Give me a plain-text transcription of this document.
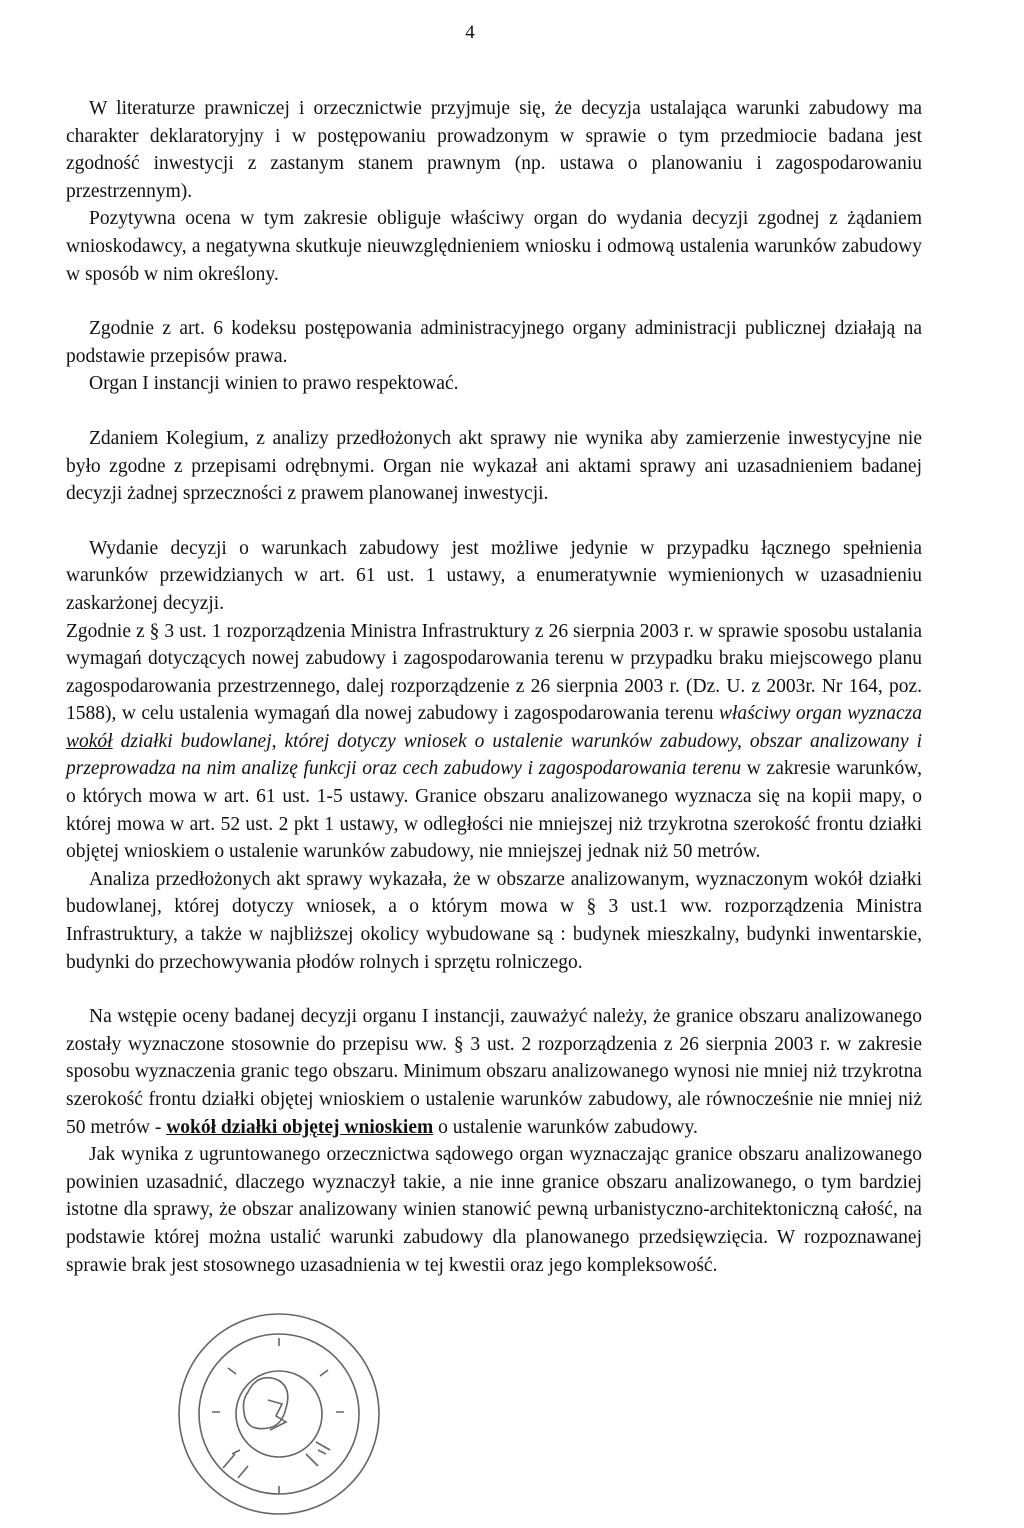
4

W literaturze prawniczej i orzecznictwie przyjmuje się, że decyzja ustalająca warunki zabudowy ma charakter deklaratoryjny i w postępowaniu prowadzonym w sprawie o tym przedmiocie badana jest zgodność inwestycji z zastanym stanem prawnym (np. ustawa o planowaniu i zagospodarowaniu przestrzennym).

Pozytywna ocena w tym zakresie obliguje właściwy organ do wydania decyzji zgodnej z żądaniem wnioskodawcy, a negatywna skutkuje nieuwzględnieniem wniosku i odmową ustalenia warunków zabudowy w sposób w nim określony.

Zgodnie z art. 6 kodeksu postępowania administracyjnego organy administracji publicznej działają na podstawie przepisów prawa.

Organ I instancji winien to prawo respektować.

Zdaniem Kolegium, z analizy przedłożonych akt sprawy nie wynika aby zamierzenie inwestycyjne nie było zgodne z przepisami odrębnymi. Organ nie wykazał ani aktami sprawy ani uzasadnieniem badanej decyzji żadnej sprzeczności z prawem planowanej inwestycji.

Wydanie decyzji o warunkach zabudowy jest możliwe jedynie w przypadku łącznego spełnienia warunków przewidzianych w art. 61 ust. 1 ustawy, a enumeratywnie wymienionych w uzasadnieniu zaskarżonej decyzji.

Zgodnie z § 3 ust. 1 rozporządzenia Ministra Infrastruktury z 26 sierpnia 2003 r. w sprawie sposobu ustalania wymagań dotyczących nowej zabudowy i zagospodarowania terenu w przypadku braku miejscowego planu zagospodarowania przestrzennego, dalej rozporządzenie z 26 sierpnia 2003 r. (Dz. U. z 2003r. Nr 164, poz. 1588), w celu ustalenia wymagań dla nowej zabudowy i zagospodarowania terenu właściwy organ wyznacza wokół działki budowlanej, której dotyczy wniosek o ustalenie warunków zabudowy, obszar analizowany i przeprowadza na nim analizę funkcji oraz cech zabudowy i zagospodarowania terenu w zakresie warunków, o których mowa w art. 61 ust. 1-5 ustawy. Granice obszaru analizowanego wyznacza się na kopii mapy, o której mowa w art. 52 ust. 2 pkt 1 ustawy, w odległości nie mniejszej niż trzykrotna szerokość frontu działki objętej wnioskiem o ustalenie warunków zabudowy, nie mniejszej jednak niż 50 metrów.

Analiza przedłożonych akt sprawy wykazała, że w obszarze analizowanym, wyznaczonym wokół działki budowlanej, której dotyczy wniosek, a o którym mowa w § 3 ust.1 ww. rozporządzenia Ministra Infrastruktury, a także w najbliższej okolicy wybudowane są : budynek mieszkalny, budynki inwentarskie, budynki do przechowywania płodów rolnych i sprzętu rolniczego.

Na wstępie oceny badanej decyzji organu I instancji, zauważyć należy, że granice obszaru analizowanego zostały wyznaczone stosownie do przepisu ww. § 3 ust. 2 rozporządzenia z 26 sierpnia 2003 r. w zakresie sposobu wyznaczenia granic tego obszaru. Minimum obszaru analizowanego wynosi nie mniej niż trzykrotna szerokość frontu działki objętej wnioskiem o ustalenie warunków zabudowy, ale równocześnie nie mniej niż 50 metrów - wokół działki objętej wnioskiem o ustalenie warunków zabudowy.

Jak wynika z ugruntowanego orzecznictwa sądowego organ wyznaczając granice obszaru analizowanego powinien uzasadnić, dlaczego wyznaczył takie, a nie inne granice obszaru analizowanego, o tym bardziej istotne dla sprawy, że obszar analizowany winien stanowić pewną urbanistyczno-architektoniczną całość, na podstawie której można ustalić warunki zabudowy dla planowanego przedsięwzięcia. W rozpoznawanej sprawie brak jest stosownego uzasadnienia w tej kwestii oraz jego kompleksowość.
